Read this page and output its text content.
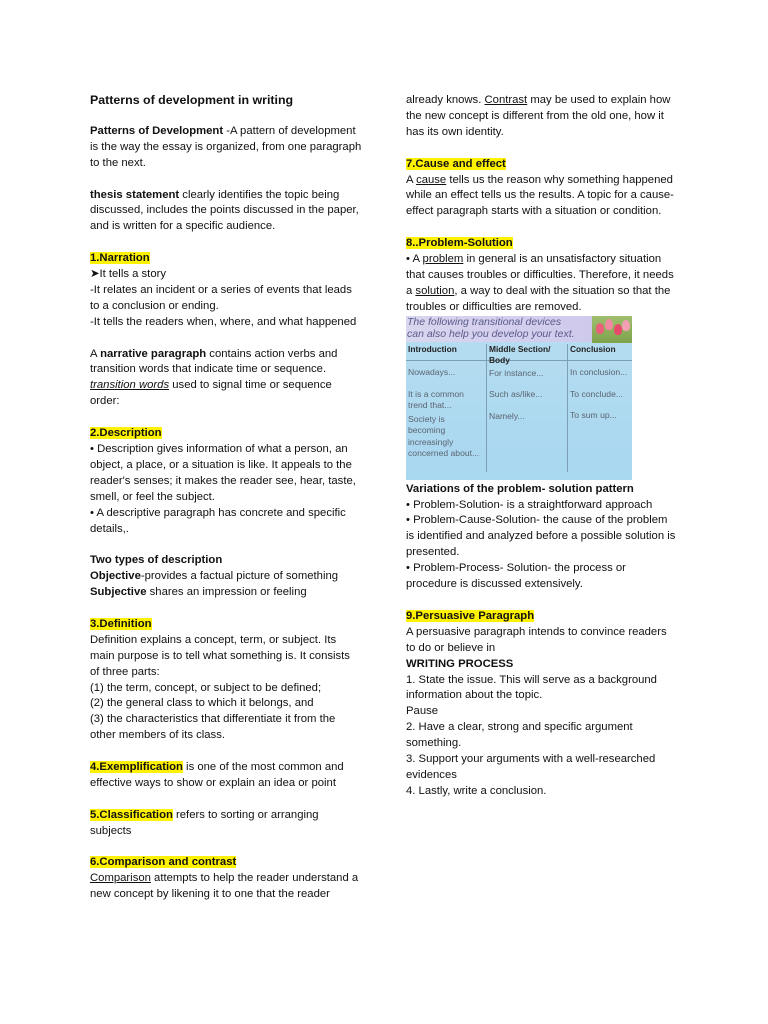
Patterns of development in writing

Patterns of Development -A pattern of development is the way the essay is organized, from one paragraph to the next.

thesis statement clearly identifies the topic being discussed, includes the points discussed in the paper, and is written for a specific audience.

1.Narration

➤It tells a story

-It relates an incident or a series of events that leads to a conclusion or ending.

-It tells the readers when, where, and what happened

A narrative paragraph contains action verbs and transition words that indicate time or sequence.

transition words used to signal time or sequence order:

2.Description

• Description gives information of what a person, an object, a place, or a situation is like. It appeals to the reader's senses; it makes the reader see, hear, taste, smell, or feel the subject.

• A descriptive paragraph has concrete and specific details,.

Two types of description

Objective-provides a factual picture of something

Subjective shares an impression or feeling

3.Definition

Definition explains a concept, term, or subject. Its main purpose is to tell what something is. It consists of three parts:

(1) the term, concept, or subject to be defined;

(2) the general class to which it belongs, and

(3) the characteristics that differentiate it from the other members of its class.

4.Exemplification is one of the most common and effective ways to show or explain an idea or point

5.Classification refers to sorting or arranging subjects

6.Comparison and contrast

Comparison attempts to help the reader understand a new concept by likening it to one that the reader

already knows. Contrast may be used to explain how the new concept is different from the old one, how it has its own identity.

7.Cause and effect

A cause tells us the reason why something happened while an effect tells us the results. A topic for a cause-effect paragraph starts with a situation or condition.

8..Problem-Solution

• A problem in general is an unsatisfactory situation that causes troubles or difficulties. Therefore, it needs a solution, a way to deal with the situation so that the troubles or difficulties are removed.

The following transitional devices
can also help you develop your text.
Introduction
Nowadays...
It is a common trend that...
Society is becoming increasingly concerned about...
Middle Section/ Body
For instance...
Such as/like...
Namely...
Conclusion
In conclusion...
To conclude...
To sum up...

Variations of the problem- solution pattern

• Problem-Solution- is a straightforward approach

• Problem-Cause-Solution- the cause of the problem is identified and analyzed before a possible solution is presented.

• Problem-Process- Solution- the process or procedure is discussed extensively.

9.Persuasive Paragraph

A persuasive paragraph intends to convince readers to do or believe in

WRITING PROCESS

1. State the issue. This will serve as a background information about the topic.

Pause

2. Have a clear, strong and specific argument something.

3. Support your arguments with a well-researched evidences

4. Lastly, write a conclusion.
